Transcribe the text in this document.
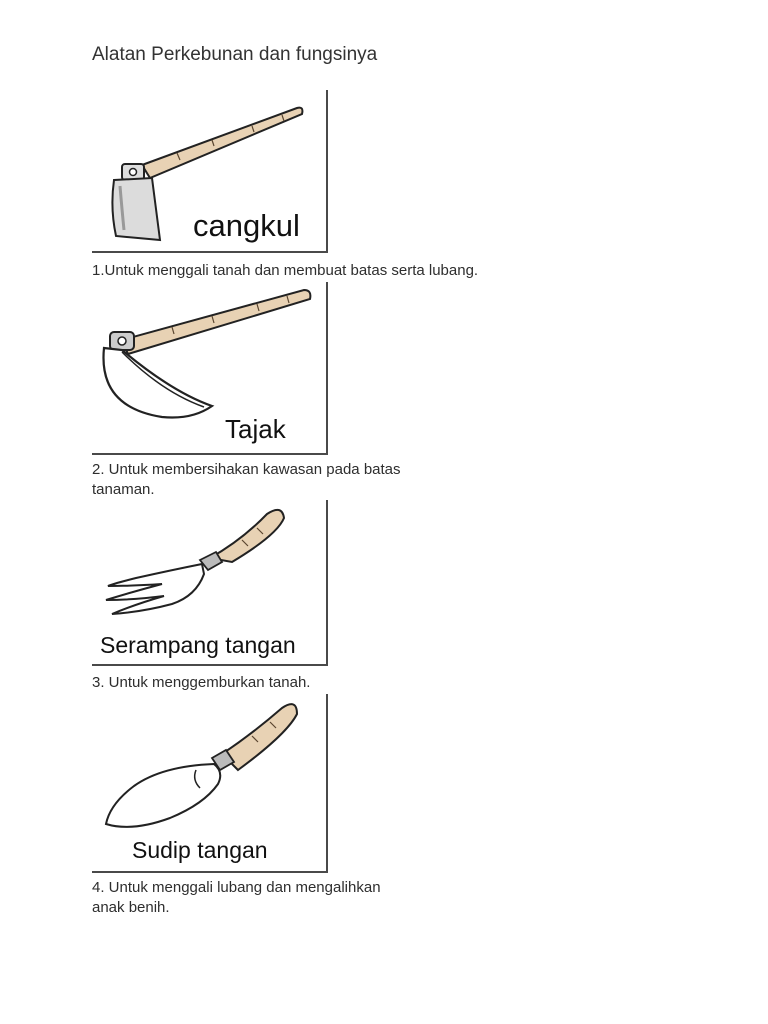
Alatan Perkebunan dan fungsinya
cangkul
1.Untuk menggali tanah dan membuat batas serta lubang.
Tajak
2. Untuk membersihakan kawasan pada batas tanaman.
Serampang tangan
3. Untuk menggemburkan tanah.
Sudip tangan
4. Untuk menggali lubang dan mengalihkan anak benih.
